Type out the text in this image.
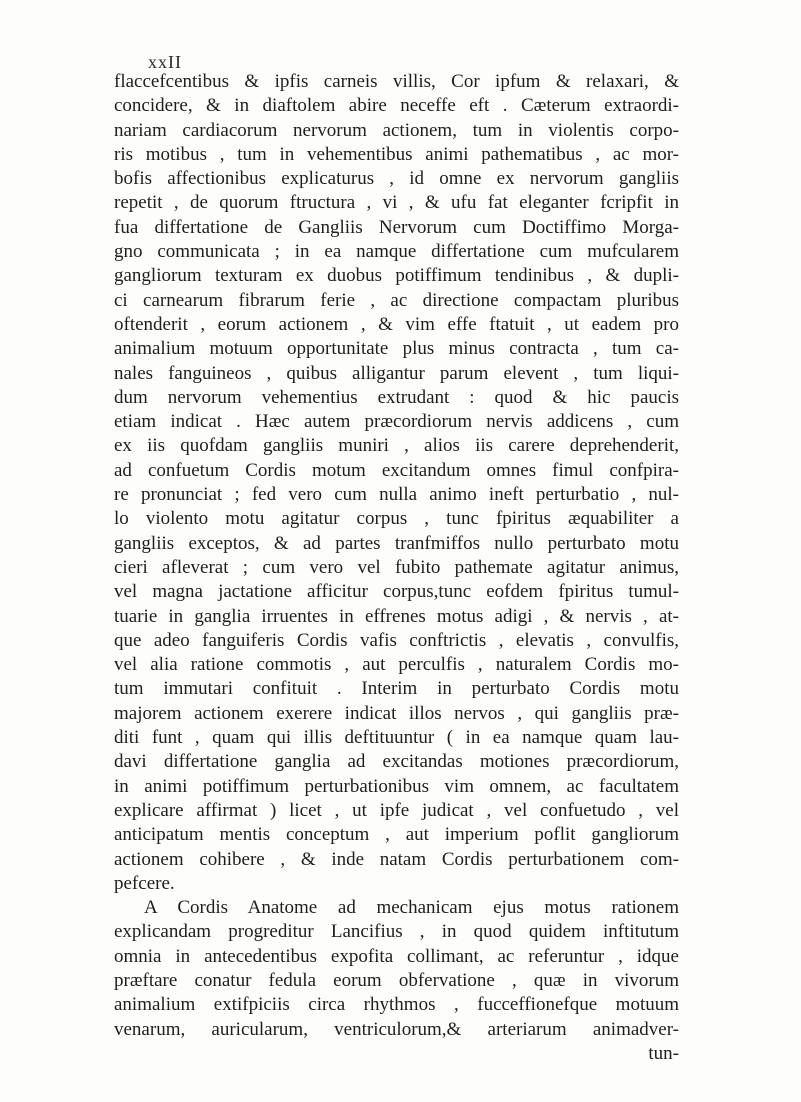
xxII
flaccefcentibus & ipfis carneis villis, Cor ipfum & relaxari, &
concidere, & in diaftolem abire neceffe eft . Cæterum extraordi-
nariam cardiacorum nervorum actionem, tum in violentis corpo-
ris motibus , tum in vehementibus animi pathematibus , ac mor-
bofis affectionibus explicaturus , id omne ex nervorum gangliis
repetit , de quorum ftructura , vi , & ufu fat eleganter fcripfit in
fua differtatione de Gangliis Nervorum cum Doctiffimo Morga-
gno communicata ; in ea namque differtatione cum mufcularem
gangliorum texturam ex duobus potiffimum tendinibus , & dupli-
ci carnearum fibrarum ferie , ac directione compactam pluribus
oftenderit , eorum actionem , & vim effe ftatuit , ut eadem pro
animalium motuum opportunitate plus minus contracta , tum ca-
nales fanguineos , quibus alligantur parum elevent , tum liqui-
dum nervorum vehementius extrudant : quod & hic paucis
etiam indicat . Hæc autem præcordiorum nervis addicens , cum
ex iis quofdam gangliis muniri , alios iis carere deprehenderit,
ad confuetum Cordis motum excitandum omnes fimul confpira-
re pronunciat ; fed vero cum nulla animo ineft perturbatio , nul-
lo violento motu agitatur corpus , tunc fpiritus æquabiliter a
gangliis exceptos, & ad partes tranfmiffos nullo perturbato motu
cieri afleverat ; cum vero vel fubito pathemate agitatur animus,
vel magna jactatione afficitur corpus,tunc eofdem fpiritus tumul-
tuarie in ganglia irruentes in effrenes motus adigi , & nervis , at-
que adeo fanguiferis Cordis vafis conftrictis , elevatis , convulfis,
vel alia ratione commotis , aut perculfis , naturalem Cordis mo-
tum immutari confituit . Interim in perturbato Cordis motu
majorem actionem exerere indicat illos nervos , qui gangliis præ-
diti funt , quam qui illis deftituuntur ( in ea namque quam lau-
davi differtatione ganglia ad excitandas motiones præcordiorum,
in animi potiffimum perturbationibus vim omnem, ac facultatem
explicare affirmat ) licet , ut ipfe judicat , vel confuetudo , vel
anticipatum mentis conceptum , aut imperium poflit gangliorum
actionem cohibere , & inde natam Cordis perturbationem com-
pefcere.
A Cordis Anatome ad mechanicam ejus motus rationem
explicandam progreditur Lancifius , in quod quidem inftitutum
omnia in antecedentibus expofita collimant, ac referuntur , idque
præftare conatur fedula eorum obfervatione , quæ in vivorum
animalium extifpiciis circa rhythmos , fucceffionefque motuum
venarum, auricularum, ventriculorum,& arteriarum animadver-
tun-
